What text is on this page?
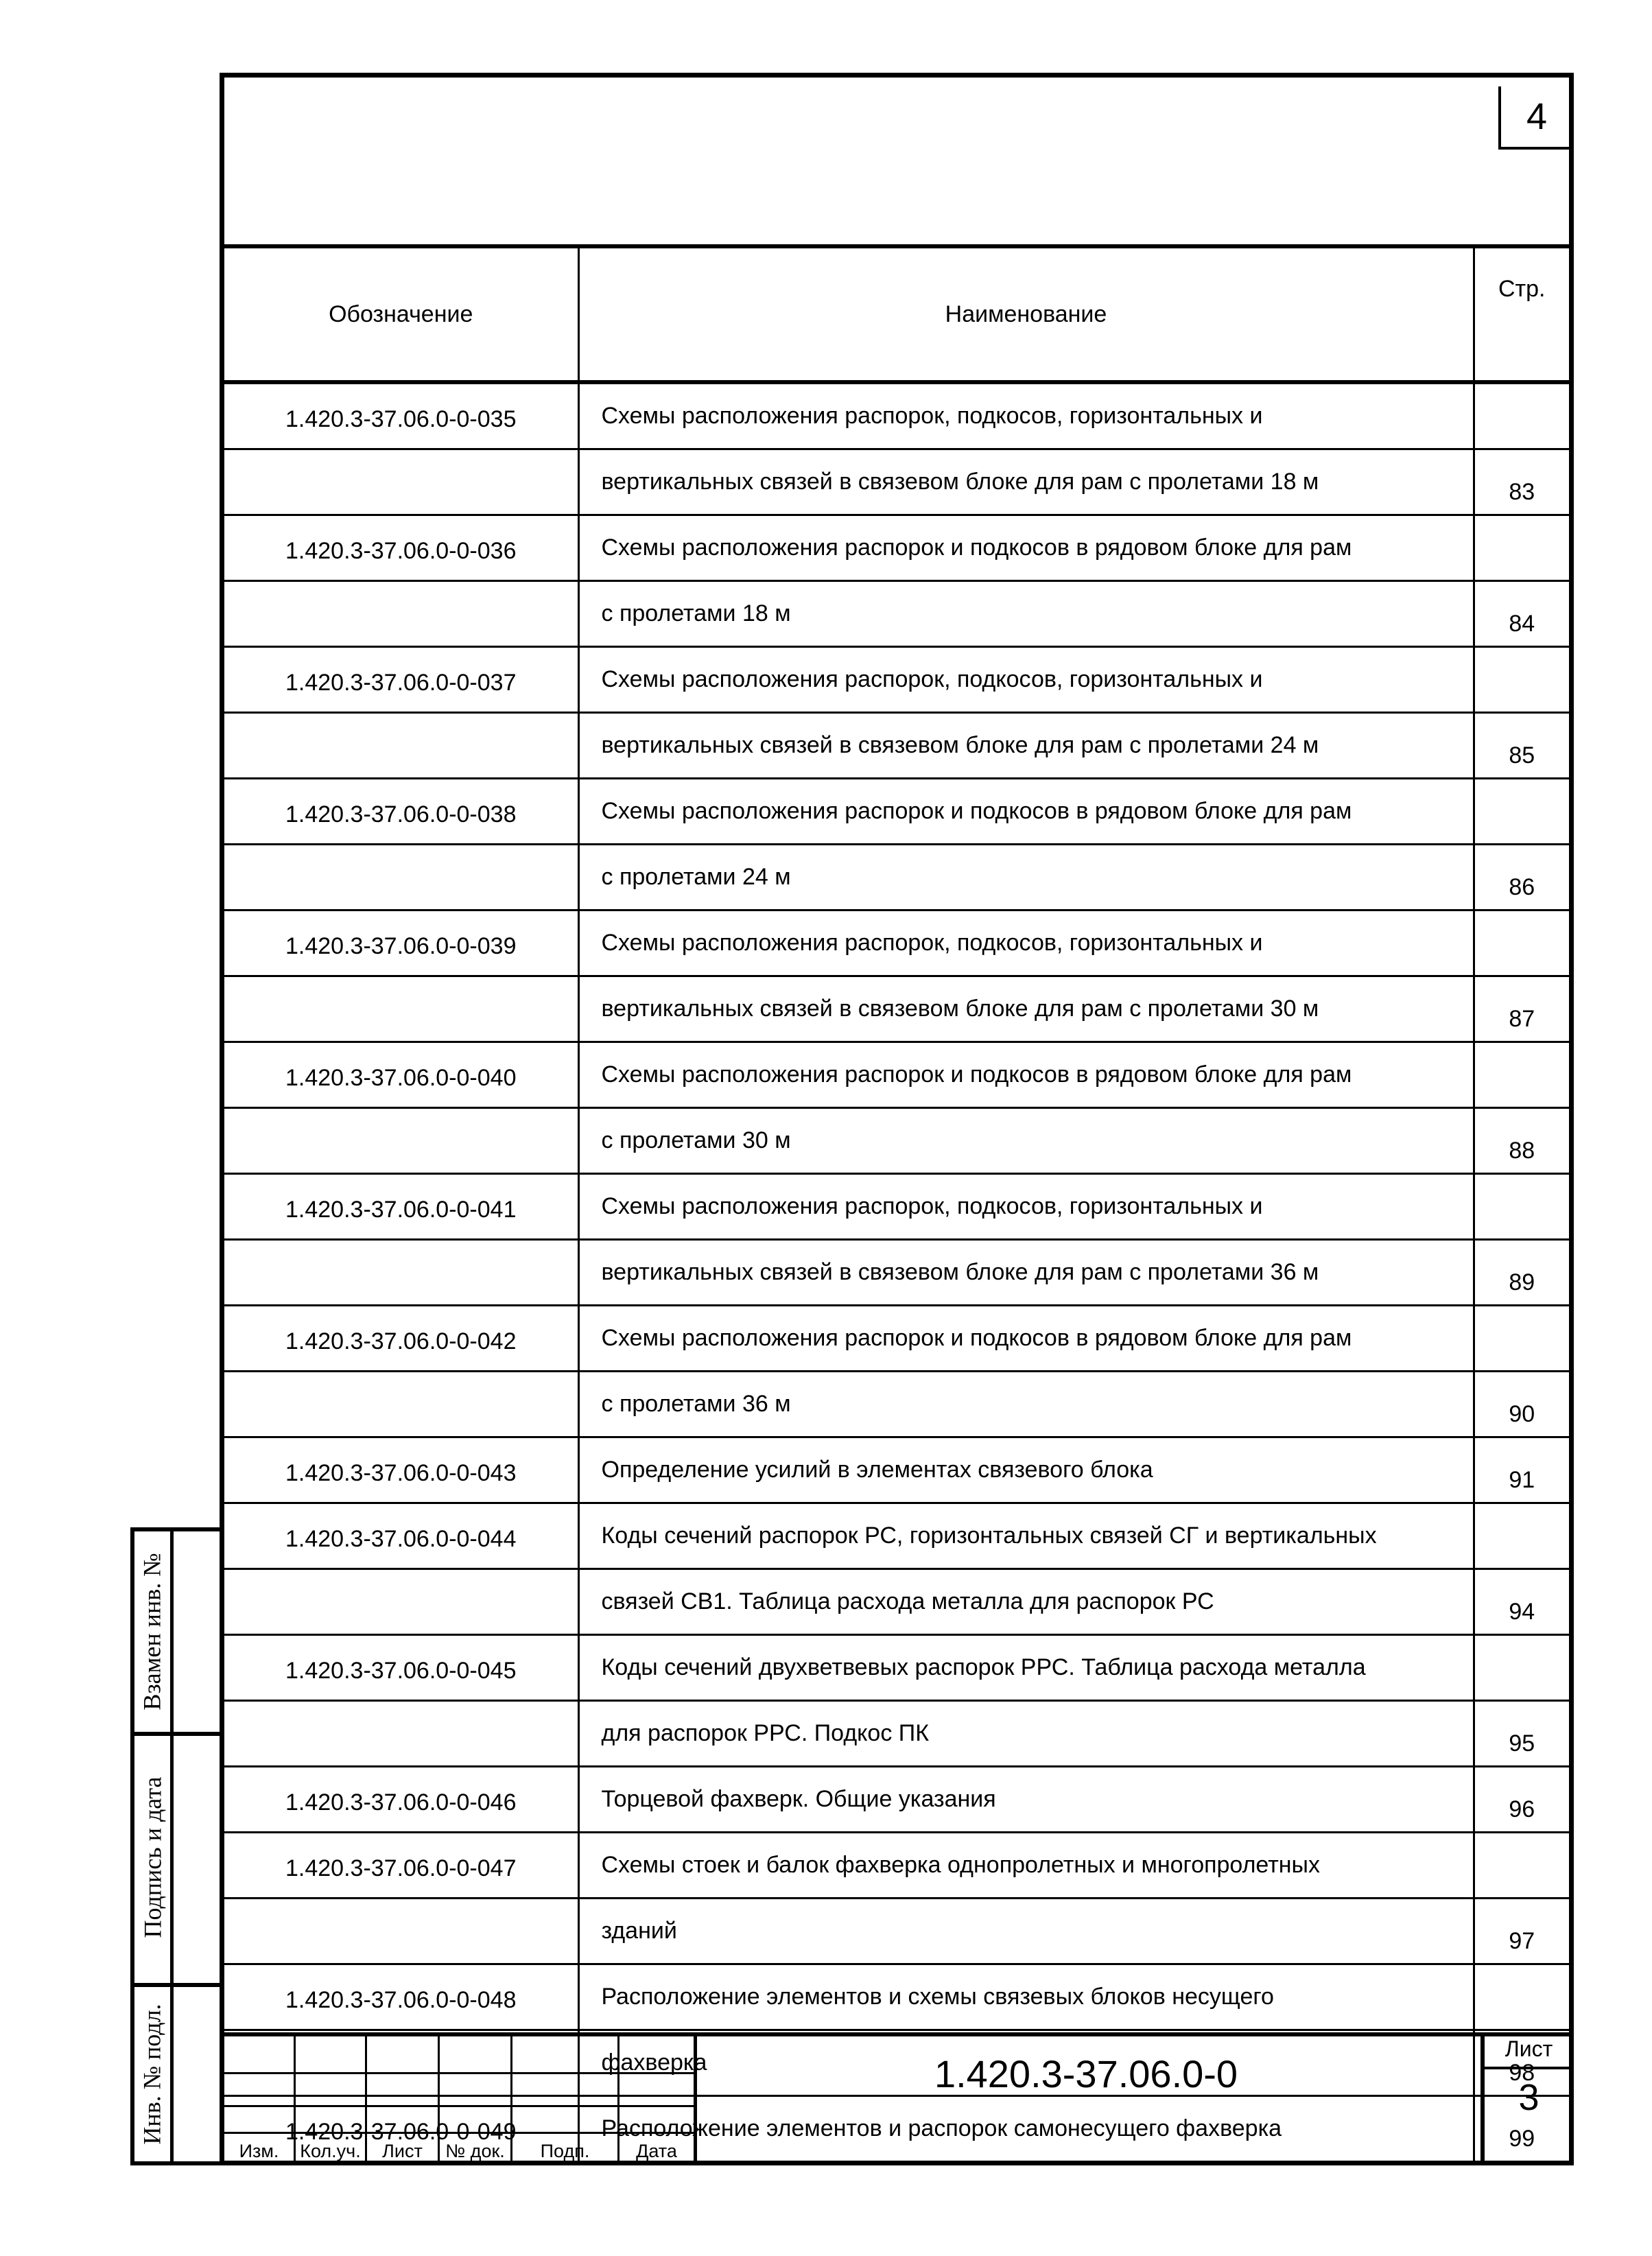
4
Обозначение	Наименование	Стр.
1.420.3-37.06.0-0-035	Схемы расположения распорок, подкосов, горизонтальных и	
	вертикальных связей в связевом блоке для рам с пролетами 18 м	83
1.420.3-37.06.0-0-036	Схемы расположения распорок и подкосов в рядовом блоке для рам	
	с пролетами 18 м	84
1.420.3-37.06.0-0-037	Схемы расположения распорок, подкосов, горизонтальных и	
	вертикальных связей в связевом блоке для рам с пролетами 24 м	85
1.420.3-37.06.0-0-038	Схемы расположения распорок и подкосов в рядовом блоке для рам	
	с пролетами 24 м	86
1.420.3-37.06.0-0-039	Схемы расположения распорок, подкосов, горизонтальных и	
	вертикальных связей в связевом блоке для рам с пролетами 30 м	87
1.420.3-37.06.0-0-040	Схемы расположения распорок и подкосов в рядовом блоке для рам	
	с пролетами 30 м	88
1.420.3-37.06.0-0-041	Схемы расположения распорок, подкосов, горизонтальных и	
	вертикальных связей в связевом блоке для рам с пролетами 36 м	89
1.420.3-37.06.0-0-042	Схемы расположения распорок и подкосов в рядовом блоке для рам	
	с пролетами 36 м	90
1.420.3-37.06.0-0-043	Определение усилий в элементах связевого блока	91
1.420.3-37.06.0-0-044	Коды сечений распорок РС, горизонтальных связей СГ и вертикальных	
	связей СВ1. Таблица расхода металла для распорок РС	94
1.420.3-37.06.0-0-045	Коды сечений двухветвевых распорок РРС. Таблица расхода металла	
	для распорок РРС. Подкос ПК	95
1.420.3-37.06.0-0-046	Торцевой фахверк. Общие указания	96
1.420.3-37.06.0-0-047	Схемы стоек и балок фахверка однопролетных и многопролетных	
	зданий	97
1.420.3-37.06.0-0-048	Расположение элементов и схемы связевых блоков несущего	
	фахверка	98
1.420.3-37.06.0-0-049	Расположение элементов и распорок самонесущего фахверка	99
Взамен инв. №
Подпись и дата
Инв. № подл.
Изм.	Кол.уч.	Лист	№ док.	Подп.	Дата
1.420.3-37.06.0-0
Лист
3
